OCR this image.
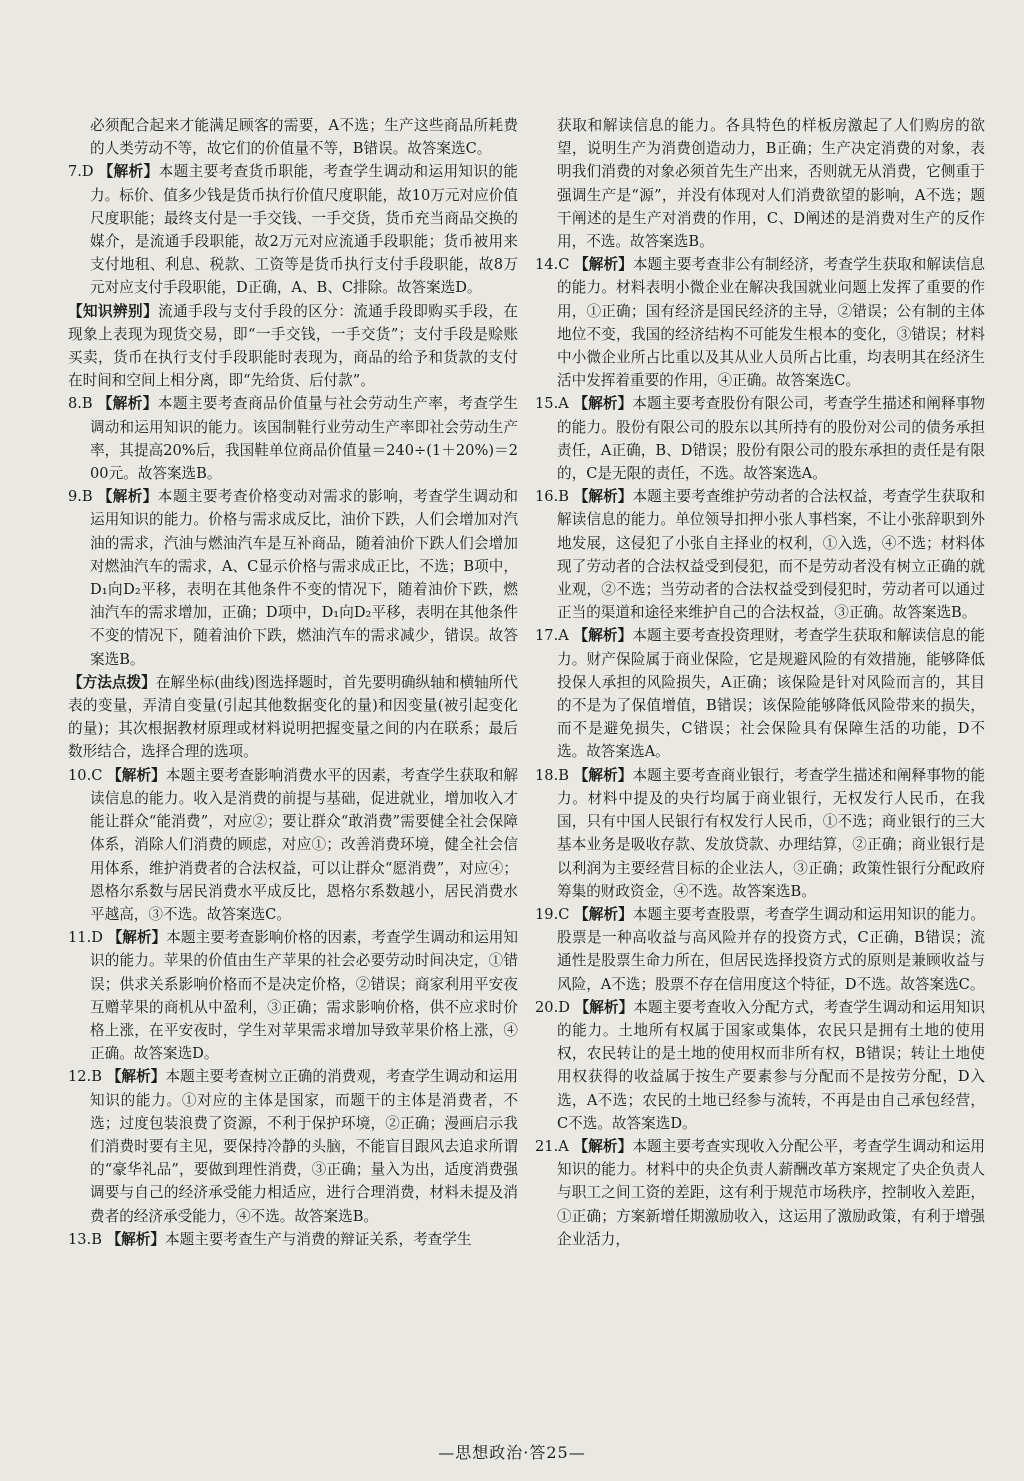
必须配合起来才能满足顾客的需要，A不选；生产这些商品所耗费的人类劳动不等，故它们的价值量不等，B错误。故答案选C。
7.D 【解析】本题主要考查货币职能，考查学生调动和运用知识的能力。标价、值多少钱是货币执行价值尺度职能，故10万元对应价值尺度职能；最终支付是一手交钱、一手交货，货币充当商品交换的媒介，是流通手段职能，故2万元对应流通手段职能；货币被用来支付地租、利息、税款、工资等是货币执行支付手段职能，故8万元对应支付手段职能，D正确，A、B、C排除。故答案选D。
【知识辨别】流通手段与支付手段的区分：流通手段即购买手段，在现象上表现为现货交易，即“一手交钱，一手交货”；支付手段是赊账买卖，货币在执行支付手段职能时表现为，商品的给予和货款的支付在时间和空间上相分离，即“先给货、后付款”。
8.B 【解析】本题主要考查商品价值量与社会劳动生产率，考查学生调动和运用知识的能力。该国制鞋行业劳动生产率即社会劳动生产率，其提高20%后，我国鞋单位商品价值量＝240÷(1＋20%)＝200元。故答案选B。
9.B 【解析】本题主要考查价格变动对需求的影响，考查学生调动和运用知识的能力。价格与需求成反比，油价下跌，人们会增加对汽油的需求，汽油与燃油汽车是互补商品，随着油价下跌人们会增加对燃油汽车的需求，A、C显示价格与需求成正比，不选；B项中，D₁向D₂平移，表明在其他条件不变的情况下，随着油价下跌，燃油汽车的需求增加，正确；D项中，D₁向D₂平移，表明在其他条件不变的情况下，随着油价下跌，燃油汽车的需求减少，错误。故答案选B。
【方法点拨】在解坐标(曲线)图选择题时，首先要明确纵轴和横轴所代表的变量，弄清自变量(引起其他数据变化的量)和因变量(被引起变化的量)；其次根据教材原理或材料说明把握变量之间的内在联系；最后数形结合，选择合理的选项。
10.C 【解析】本题主要考查影响消费水平的因素，考查学生获取和解读信息的能力。收入是消费的前提与基础，促进就业，增加收入才能让群众“能消费”，对应②；要让群众“敢消费”需要健全社会保障体系，消除人们消费的顾虑，对应①；改善消费环境，健全社会信用体系，维护消费者的合法权益，可以让群众“愿消费”，对应④；恩格尔系数与居民消费水平成反比，恩格尔系数越小，居民消费水平越高，③不选。故答案选C。
11.D 【解析】本题主要考查影响价格的因素，考查学生调动和运用知识的能力。苹果的价值由生产苹果的社会必要劳动时间决定，①错误；供求关系影响价格而不是决定价格，②错误；商家利用平安夜互赠苹果的商机从中盈利，③正确；需求影响价格，供不应求时价格上涨，在平安夜时，学生对苹果需求增加导致苹果价格上涨，④正确。故答案选D。
12.B 【解析】本题主要考查树立正确的消费观，考查学生调动和运用知识的能力。①对应的主体是国家，而题干的主体是消费者，不选；过度包装浪费了资源，不利于保护环境，②正确；漫画启示我们消费时要有主见，要保持冷静的头脑，不能盲目跟风去追求所谓的“豪华礼品”，要做到理性消费，③正确；量入为出，适度消费强调要与自己的经济承受能力相适应，进行合理消费，材料未提及消费者的经济承受能力，④不选。故答案选B。
13.B 【解析】本题主要考查生产与消费的辩证关系，考查学生
获取和解读信息的能力。各具特色的样板房激起了人们购房的欲望，说明生产为消费创造动力，B正确；生产决定消费的对象，表明我们消费的对象必须首先生产出来，否则就无从消费，它侧重于强调生产是“源”，并没有体现对人们消费欲望的影响，A不选；题干阐述的是生产对消费的作用，C、D阐述的是消费对生产的反作用，不选。故答案选B。
14.C 【解析】本题主要考查非公有制经济，考查学生获取和解读信息的能力。材料表明小微企业在解决我国就业问题上发挥了重要的作用，①正确；国有经济是国民经济的主导，②错误；公有制的主体地位不变，我国的经济结构不可能发生根本的变化，③错误；材料中小微企业所占比重以及其从业人员所占比重，均表明其在经济生活中发挥着重要的作用，④正确。故答案选C。
15.A 【解析】本题主要考查股份有限公司，考查学生描述和阐释事物的能力。股份有限公司的股东以其所持有的股份对公司的债务承担责任，A正确，B、D错误；股份有限公司的股东承担的责任是有限的，C是无限的责任，不选。故答案选A。
16.B 【解析】本题主要考查维护劳动者的合法权益，考查学生获取和解读信息的能力。单位领导扣押小张人事档案，不让小张辞职到外地发展，这侵犯了小张自主择业的权利，①入选，④不选；材料体现了劳动者的合法权益受到侵犯，而不是劳动者没有树立正确的就业观，②不选；当劳动者的合法权益受到侵犯时，劳动者可以通过正当的渠道和途径来维护自己的合法权益，③正确。故答案选B。
17.A 【解析】本题主要考查投资理财，考查学生获取和解读信息的能力。财产保险属于商业保险，它是规避风险的有效措施，能够降低投保人承担的风险损失，A正确；该保险是针对风险而言的，其目的不是为了保值增值，B错误；该保险能够降低风险带来的损失，而不是避免损失，C错误；社会保险具有保障生活的功能，D不选。故答案选A。
18.B 【解析】本题主要考查商业银行，考查学生描述和阐释事物的能力。材料中提及的央行均属于商业银行，无权发行人民币，在我国，只有中国人民银行有权发行人民币，①不选；商业银行的三大基本业务是吸收存款、发放贷款、办理结算，②正确；商业银行是以利润为主要经营目标的企业法人，③正确；政策性银行分配政府筹集的财政资金，④不选。故答案选B。
19.C 【解析】本题主要考查股票，考查学生调动和运用知识的能力。股票是一种高收益与高风险并存的投资方式，C正确，B错误；流通性是股票生命力所在，但居民选择投资方式的原则是兼顾收益与风险，A不选；股票不存在信用度这个特征，D不选。故答案选C。
20.D 【解析】本题主要考查收入分配方式，考查学生调动和运用知识的能力。土地所有权属于国家或集体，农民只是拥有土地的使用权，农民转让的是土地的使用权而非所有权，B错误；转让土地使用权获得的收益属于按生产要素参与分配而不是按劳分配，D入选，A不选；农民的土地已经参与流转，不再是由自己承包经营，C不选。故答案选D。
21.A 【解析】本题主要考查实现收入分配公平，考查学生调动和运用知识的能力。材料中的央企负责人薪酬改革方案规定了央企负责人与职工之间工资的差距，这有利于规范市场秩序，控制收入差距，①正确；方案新增任期激励收入，这运用了激励政策，有利于增强企业活力，
—思想政治·答25—
